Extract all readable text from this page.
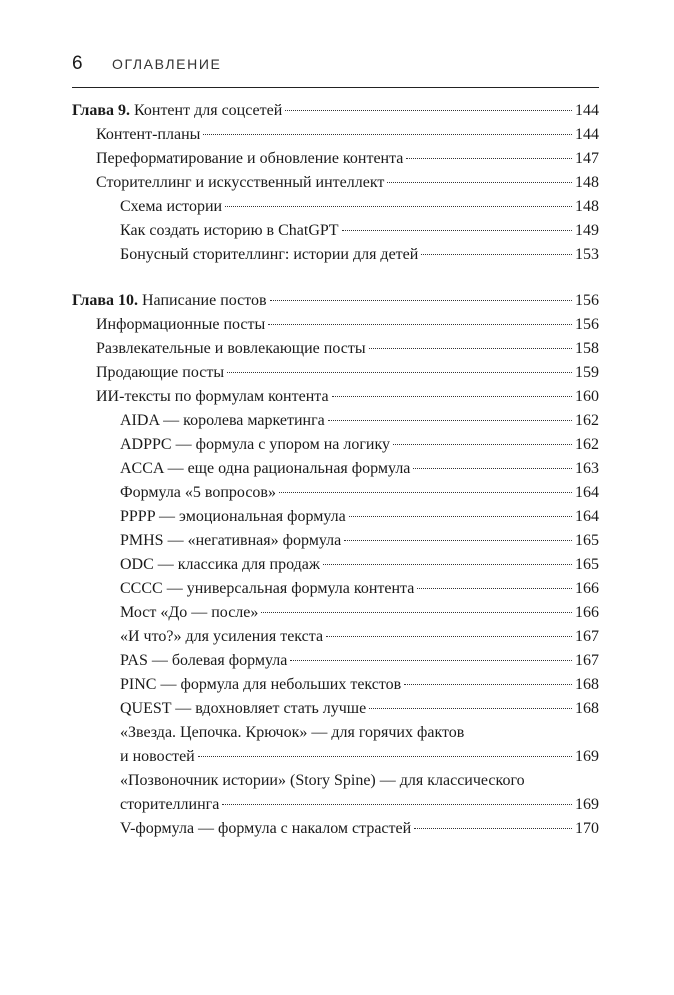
6	ОГЛАВЛЕНИЕ
Глава 9. Контент для соцсетей	144
Контент-планы	144
Переформатирование и обновление контента	147
Сторителлинг и искусственный интеллект	148
Схема истории	148
Как создать историю в ChatGPT	149
Бонусный сторителлинг: истории для детей	153
Глава 10. Написание постов	156
Информационные посты	156
Развлекательные и вовлекающие посты	158
Продающие посты	159
ИИ-тексты по формулам контента	160
AIDA — королева маркетинга	162
ADPPC — формула с упором на логику	162
ACCA — еще одна рациональная формула	163
Формула «5 вопросов»	164
PPPP — эмоциональная формула	164
PMHS — «негативная» формула	165
ODC — классика для продаж	165
CCCC — универсальная формула контента	166
Мост «До — после»	166
«И что?» для усиления текста	167
PAS — болевая формула	167
PINC — формула для небольших текстов	168
QUEST — вдохновляет стать лучше	168
«Звезда. Цепочка. Крючок» — для горячих фактов
и новостей	169
«Позвоночник истории» (Story Spine) — для классического
сторителлинга	169
V-формула — формула с накалом страстей	170
